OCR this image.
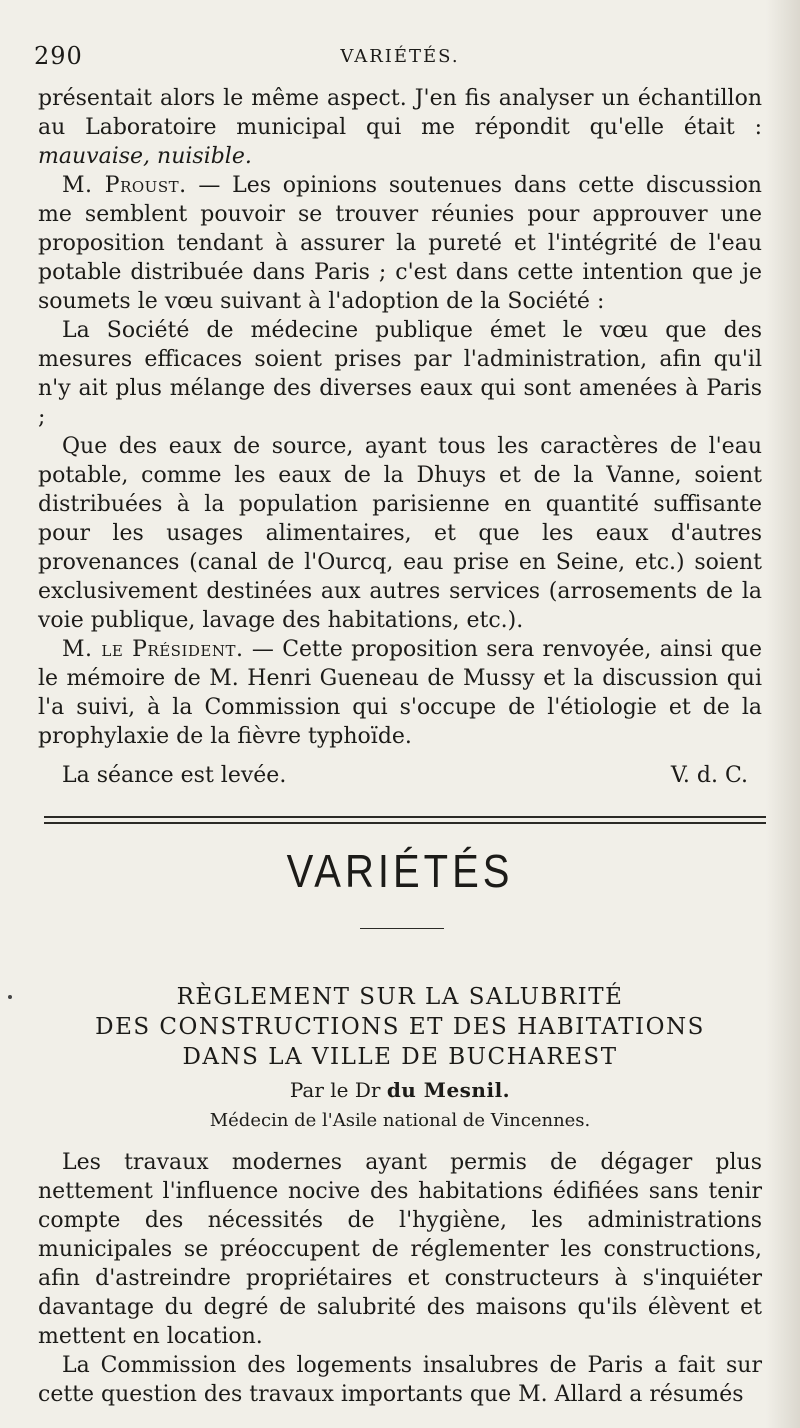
290	VARIÉTÉS.

présentait alors le même aspect. J'en fis analyser un échantillon au Laboratoire municipal qui me répondit qu'elle était : mauvaise, nuisible.

M. Proust. — Les opinions soutenues dans cette discussion me semblent pouvoir se trouver réunies pour approuver une proposition tendant à assurer la pureté et l'intégrité de l'eau potable distribuée dans Paris ; c'est dans cette intention que je soumets le vœu suivant à l'adoption de la Société :

La Société de médecine publique émet le vœu que des mesures efficaces soient prises par l'administration, afin qu'il n'y ait plus mélange des diverses eaux qui sont amenées à Paris ;

Que des eaux de source, ayant tous les caractères de l'eau potable, comme les eaux de la Dhuys et de la Vanne, soient distribuées à la population parisienne en quantité suffisante pour les usages alimentaires, et que les eaux d'autres provenances (canal de l'Ourcq, eau prise en Seine, etc.) soient exclusivement destinées aux autres services (arrosements de la voie publique, lavage des habitations, etc.).

M. le Président. — Cette proposition sera renvoyée, ainsi que le mémoire de M. Henri Gueneau de Mussy et la discussion qui l'a suivi, à la Commission qui s'occupe de l'étiologie et de la prophylaxie de la fièvre typhoïde.

La séance est levée.	V. d. C.
VARIÉTÉS
RÈGLEMENT SUR LA SALUBRITÉ
DES CONSTRUCTIONS ET DES HABITATIONS
DANS LA VILLE DE BUCHAREST
Par le Dr du Mesnil.
Médecin de l'Asile national de Vincennes.

Les travaux modernes ayant permis de dégager plus nettement l'influence nocive des habitations édifiées sans tenir compte des nécessités de l'hygiène, les administrations municipales se préoccupent de réglementer les constructions, afin d'astreindre propriétaires et constructeurs à s'inquiéter davantage du degré de salubrité des maisons qu'ils élèvent et mettent en location.

La Commission des logements insalubres de Paris a fait sur cette question des travaux importants que M. Allard a résumés
